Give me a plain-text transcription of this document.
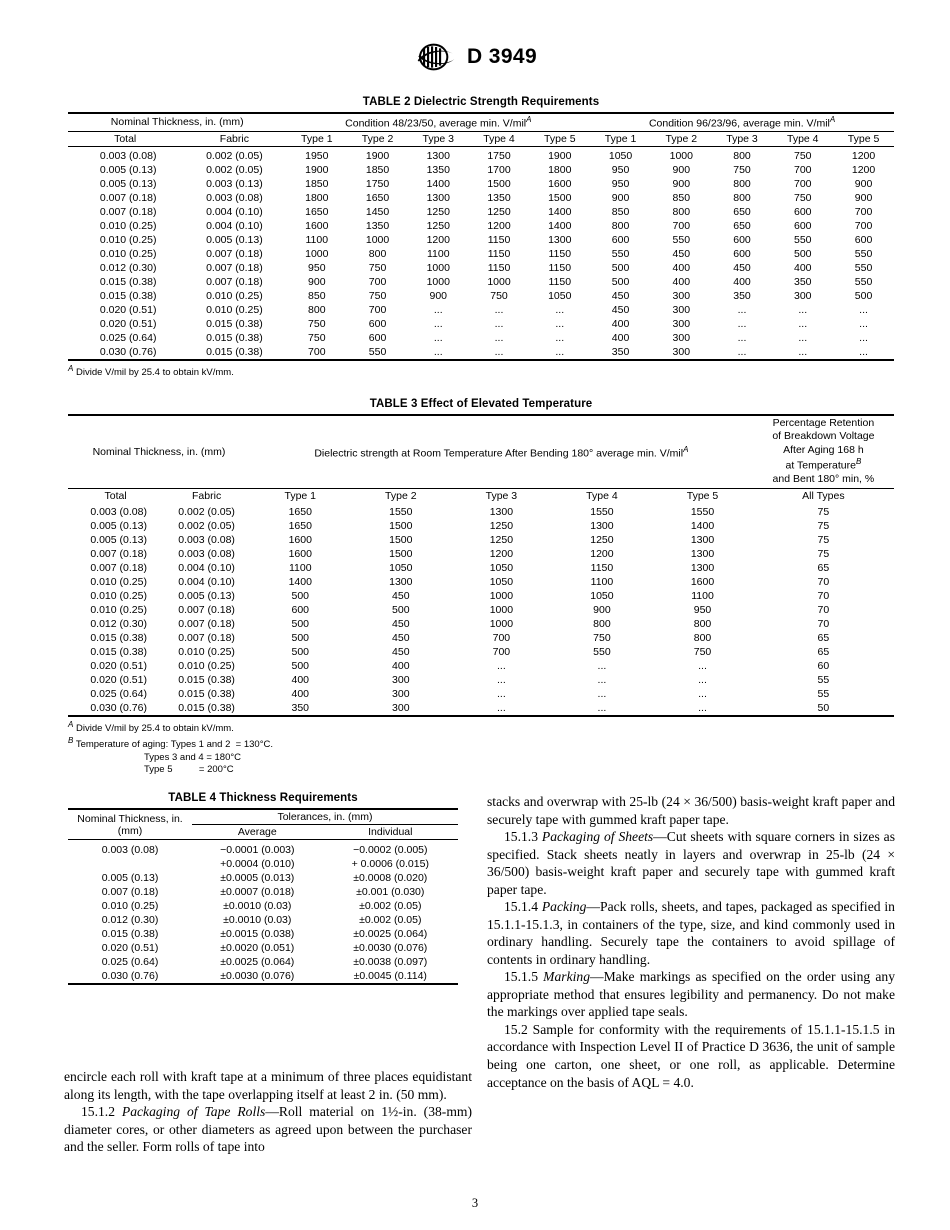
D 3949
TABLE 2 Dielectric Strength Requirements
Nominal Thickness, in. (mm)		Condition 48/23/50, average min. V/mil$^A$					Condition 96/23/96, average min. V/mil$^A$
Total	Fabric	Type 1	Type 2	Type 3	Type 4	Type 5	Type 1	Type 2	Type 3	Type 4	Type 5
0.003 (0.08)	0.002 (0.05)	1950	1900	1300	1750	1900	1050	1000	800	750	1200
0.005 (0.13)	0.002 (0.05)	1900	1850	1350	1700	1800	950	900	750	700	1200
0.005 (0.13)	0.003 (0.13)	1850	1750	1400	1500	1600	950	900	800	700	900
0.007 (0.18)	0.003 (0.08)	1800	1650	1300	1350	1500	900	850	800	750	900
0.007 (0.18)	0.004 (0.10)	1650	1450	1250	1250	1400	850	800	650	600	700
0.010 (0.25)	0.004 (0.10)	1600	1350	1250	1200	1400	800	700	650	600	700
0.010 (0.25)	0.005 (0.13)	1100	1000	1200	1150	1300	600	550	600	550	600
0.010 (0.25)	0.007 (0.18)	1000	800	1100	1150	1150	550	450	600	500	550
0.012 (0.30)	0.007 (0.18)	950	750	1000	1150	1150	500	400	450	400	550
0.015 (0.38)	0.007 (0.18)	900	700	1000	1000	1150	500	400	400	350	550
0.015 (0.38)	0.010 (0.25)	850	750	900	750	1050	450	300	350	300	500
0.020 (0.51)	0.010 (0.25)	800	700	...	...	...	450	300	...	...	...
0.020 (0.51)	0.015 (0.38)	750	600	...	...	...	400	300	...	...	...
0.025 (0.64)	0.015 (0.38)	750	600	...	...	...	400	300	...	...	...
0.030 (0.76)	0.015 (0.38)	700	550	...	...	...	350	300	...	...	...
$^A$ Divide V/mil by 25.4 to obtain kV/mm.
TABLE 3 Effect of Elevated Temperature
Nominal Thickness, in. (mm)		Dielectric strength at Room Temperature After Bending 180° average min. V/mil$^A$					Percentage Retention
of Breakdown Voltage
After Aging 168 h
at Temperature$^B$
and Bent 180° min, %

Total	Fabric	Type 1	Type 2	Type 3	Type 4	Type 5	All Types
0.003 (0.08)	0.002 (0.05)	1650	1550	1300	1550	1550	75
0.005 (0.13)	0.002 (0.05)	1650	1500	1250	1300	1400	75
0.005 (0.13)	0.003 (0.08)	1600	1500	1250	1250	1300	75
0.007 (0.18)	0.003 (0.08)	1600	1500	1200	1200	1300	75
0.007 (0.18)	0.004 (0.10)	1100	1050	1050	1150	1300	65
0.010 (0.25)	0.004 (0.10)	1400	1300	1050	1100	1600	70
0.010 (0.25)	0.005 (0.13)	500	450	1000	1050	1100	70
0.010 (0.25)	0.007 (0.18)	600	500	1000	900	950	70
0.012 (0.30)	0.007 (0.18)	500	450	1000	800	800	70
0.015 (0.38)	0.007 (0.18)	500	450	700	750	800	65
0.015 (0.38)	0.010 (0.25)	500	450	700	550	750	65
0.020 (0.51)	0.010 (0.25)	500	400	...	...	...	60
0.020 (0.51)	0.015 (0.38)	400	300	...	...	...	55
0.025 (0.64)	0.015 (0.38)	400	300	...	...	...	55
0.030 (0.76)	0.015 (0.38)	350	300	...	...	...	50
$^A$ Divide V/mil by 25.4 to obtain kV/mm.
$^B$ Temperature of aging: Types 1 and 2  = 130°C.
Types 3 and 4 = 180°C
Type 5          = 200°C
TABLE 4 Thickness Requirements
Nominal Thickness, in.
(mm)	Tolerances, in. (mm)	
	Average	Individual
0.003 (0.08)	−0.0001 (0.003)	−0.0002 (0.005)
	+0.0004 (0.010)	+ 0.0006 (0.015)
0.005 (0.13)	±0.0005 (0.013)	±0.0008 (0.020)
0.007 (0.18)	±0.0007 (0.018)	±0.001 (0.030)
0.010 (0.25)	±0.0010 (0.03)	±0.002 (0.05)
0.012 (0.30)	±0.0010 (0.03)	±0.002 (0.05)
0.015 (0.38)	±0.0015 (0.038)	±0.0025 (0.064)
0.020 (0.51)	±0.0020 (0.051)	±0.0030 (0.076)
0.025 (0.64)	±0.0025 (0.064)	±0.0038 (0.097)
0.030 (0.76)	±0.0030 (0.076)	±0.0045 (0.114)

encircle each roll with kraft tape at a minimum of three places equidistant along its length, with the tape overlapping itself at least 2 in. (50 mm).

15.1.2 Packaging of Tape Rolls—Roll material on 1½-in. (38-mm) diameter cores, or other diameters as agreed upon between the purchaser and the seller. Form rolls of tape into

stacks and overwrap with 25-lb (24 × 36/500) basis-weight kraft paper and securely tape with gummed kraft paper tape.

15.1.3 Packaging of Sheets—Cut sheets with square corners in sizes as specified. Stack sheets neatly in layers and overwrap in 25-lb (24 × 36/500) basis-weight kraft paper and securely tape with gummed kraft paper tape.

15.1.4 Packing—Pack rolls, sheets, and tapes, packaged as specified in 15.1.1-15.1.3, in containers of the type, size, and kind commonly used in ordinary handling. Securely tape the containers to avoid spillage of contents in ordinary handling.

15.1.5 Marking—Make markings as specified on the order using any appropriate method that ensures legibility and permanency. Do not make the markings over applied tape seals.

15.2 Sample for conformity with the requirements of 15.1.1-15.1.5 in accordance with Inspection Level II of Practice D 3636, the unit of sample being one carton, one sheet, or one roll, as applicable. Determine acceptance on the basis of AQL = 4.0.

3
